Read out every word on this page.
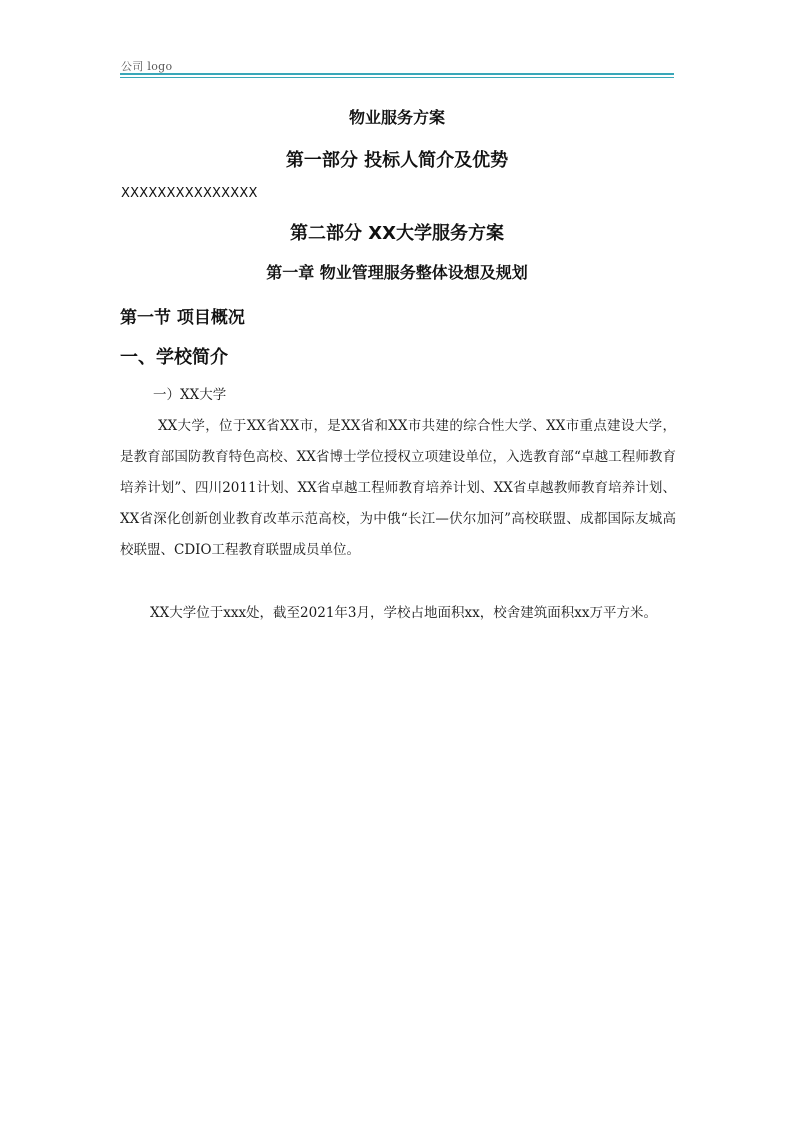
公司 logo
物业服务方案
第一部分 投标人简介及优势
XXXXXXXXXXXXXXX
第二部分 XX大学服务方案
第一章 物业管理服务整体设想及规划
第一节 项目概况
一、学校简介
一）XX大学
XX大学，位于XX省XX市，是XX省和XX市共建的综合性大学、XX市重点建设大学，是教育部国防教育特色高校、XX省博士学位授权立项建设单位，入选教育部“卓越工程师教育培养计划”、四川2011计划、XX省卓越工程师教育培养计划、XX省卓越教师教育培养计划、XX省深化创新创业教育改革示范高校，为中俄“长江—伏尔加河”高校联盟、成都国际友城高校联盟、CDIO工程教育联盟成员单位。
XX大学位于xxx处，截至2021年3月，学校占地面积xx，校舍建筑面积xx万平方米。
